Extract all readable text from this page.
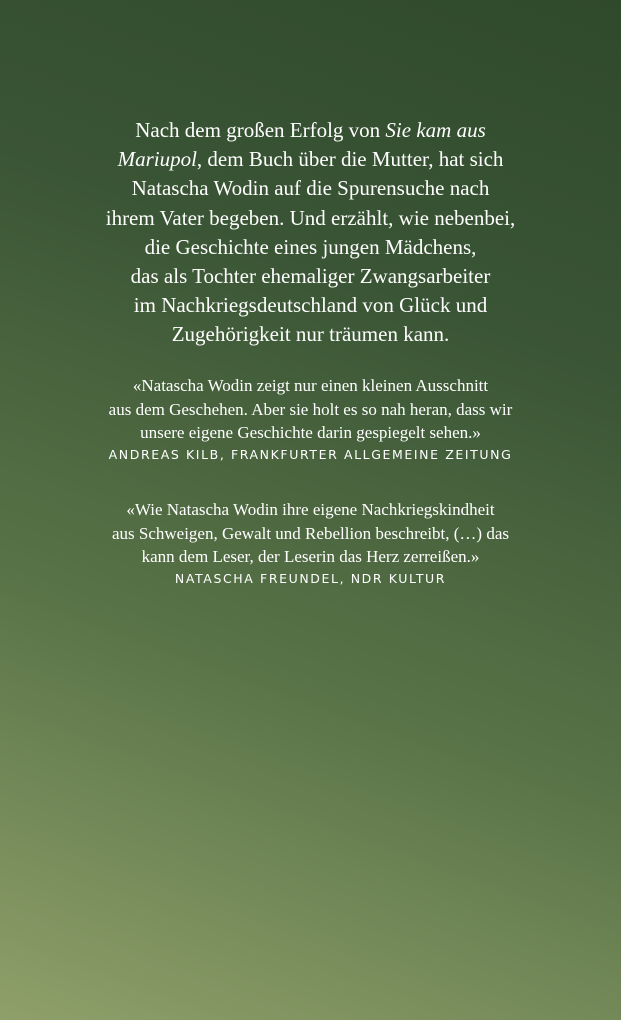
Nach dem großen Erfolg von Sie kam aus

Mariupol, dem Buch über die Mutter, hat sich

Natascha Wodin auf die Spurensuche nach

ihrem Vater begeben. Und erzählt, wie nebenbei,

die Geschichte eines jungen Mädchens,

das als Tochter ehemaliger Zwangsarbeiter

im Nachkriegsdeutschland von Glück und

Zugehörigkeit nur träumen kann.

«Natascha Wodin zeigt nur einen kleinen Ausschnitt

aus dem Geschehen. Aber sie holt es so nah heran, dass wir

unsere eigene Geschichte darin gespiegelt sehen.»

ANDREAS KILB, FRANKFURTER ALLGEMEINE ZEITUNG

«Wie Natascha Wodin ihre eigene Nachkriegskindheit

aus Schweigen, Gewalt und Rebellion beschreibt, (…) das

kann dem Leser, der Leserin das Herz zerreißen.»

NATASCHA FREUNDEL, NDR KULTUR
